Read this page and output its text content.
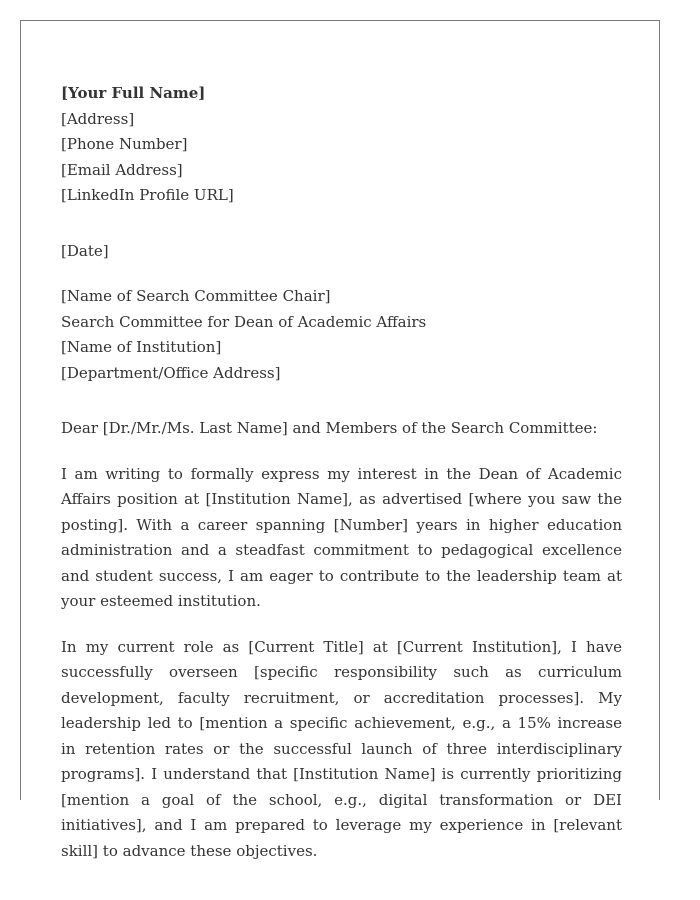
[Your Full Name]
[Address]
[Phone Number]
[Email Address]
[LinkedIn Profile URL]
[Date]
[Name of Search Committee Chair]
Search Committee for Dean of Academic Affairs
[Name of Institution]
[Department/Office Address]
Dear [Dr./Mr./Ms. Last Name] and Members of the Search Committee:

I am writing to formally express my interest in the Dean of Academic Affairs position at [Institution Name], as advertised [where you saw the posting]. With a career spanning [Number] years in higher education administration and a steadfast commitment to pedagogical excellence and student success, I am eager to contribute to the leadership team at your esteemed institution.

In my current role as [Current Title] at [Current Institution], I have successfully overseen [specific responsibility such as curriculum development, faculty recruitment, or accreditation processes]. My leadership led to [mention a specific achievement, e.g., a 15% increase in retention rates or the successful launch of three interdisciplinary programs]. I understand that [Institution Name] is currently prioritizing [mention a goal of the school, e.g., digital transformation or DEI initiatives], and I am prepared to leverage my experience in [relevant skill] to advance these objectives.
